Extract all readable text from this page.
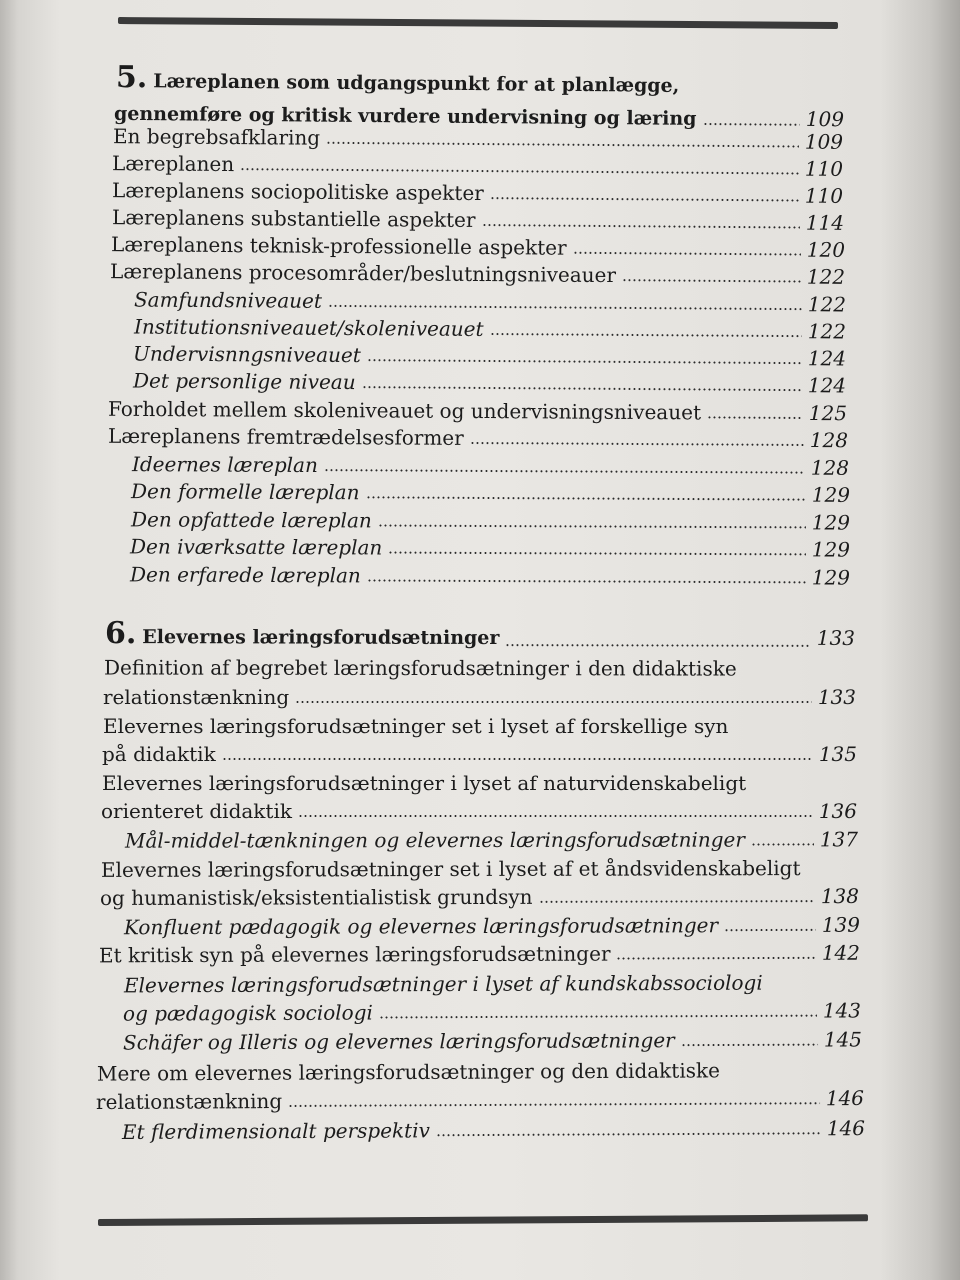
5. Læreplanen som udgangspunkt for at planlægge,
gennemføre og kritisk vurdere undervisning og læring	109
En begrebsafklaring	109
Læreplanen	110
Læreplanens sociopolitiske aspekter	110
Læreplanens substantielle aspekter	114
Læreplanens teknisk-professionelle aspekter	120
Læreplanens procesområder/beslutningsniveauer	122
Samfundsniveauet	122
Institutionsniveauet/skoleniveauet	122
Undervisnngsniveauet	124
Det personlige niveau	124
Forholdet mellem skoleniveauet og undervisningsniveauet	125
Læreplanens fremtrædelsesformer	128
Ideernes læreplan	128
Den formelle læreplan	129
Den opfattede læreplan	129
Den iværksatte læreplan	129
Den erfarede læreplan	129
6. Elevernes læringsforudsætninger	133
Definition af begrebet læringsforudsætninger i den didaktiske
relationstænkning	133
Elevernes læringsforudsætninger set i lyset af forskellige syn
på didaktik	135
Elevernes læringsforudsætninger i lyset af naturvidenskabeligt
orienteret didaktik	136
Mål-middel-tænkningen og elevernes læringsforudsætninger	137
Elevernes læringsforudsætninger set i lyset af et åndsvidenskabeligt
og humanistisk/eksistentialistisk grundsyn	138
Konfluent pædagogik og elevernes læringsforudsætninger	139
Et kritisk syn på elevernes læringsforudsætninger	142
Elevernes læringsforudsætninger i lyset af kundskabssociologi
og pædagogisk sociologi	143
Schäfer og Illeris og elevernes læringsforudsætninger	145
Mere om elevernes læringsforudsætninger og den didaktiske
relationstænkning	146
Et flerdimensionalt perspektiv	146
